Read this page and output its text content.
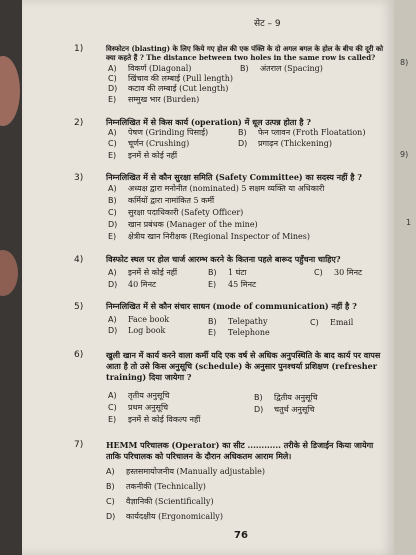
सेट – 9
1)	विस्फोटन (blasting) के लिए किये गए होल की एक पंक्ति के दो अगल बगल के होल के बीच की दूरी को क्या कहते हैं ? The distance between two holes in the same row is called?
A) विकर्ण (Diagonal)	B) अंतराल (Spacing)
C) खिंचाव की लम्बाई (Pull length)
D) कटाव की लम्बाई (Cut length)
E) सम्मुख भार (Burden)
2)	निम्नलिखित में से किस कार्य (operation) में धूल उत्पन्न होता है ?
A) पेषण (Grinding पिसाई)	B) फेन प्लावन (Froth Floatation)
C) चूर्णन (Crushing)	D) प्रगाढ़न (Thickening)
E) इनमें से कोई नहीं
3)	निम्नलिखित में से कौन सुरक्षा समिति (Safety Committee) का सदस्य नहीं है ?
A) अध्यक्ष द्वारा मनोनीत (nominated) 5 सक्षम व्यक्ति या अधिकारी
B) कर्मियों द्वारा नामांकित 5 कर्मी
C) सुरक्षा पदाधिकारी (Safety Officer)
D) खान प्रबंधक (Manager of the mine)
E) क्षेत्रीय खान निरीक्षक (Regional Inspector of Mines)
4)	विस्फोट स्थल पर होल चार्ज आरम्भ करने के कितना पहले बारूद पहुँचना चाहिए?
A) इनमें से कोई नहीं	B) 1 घंटा	C) 30 मिनट
D) 40 मिनट	E) 45 मिनट
5)	निम्नलिखित में से कौन संचार साधन (mode of communication) नहीं है ?
A) Face book	B) Telepathy	C) Email
D) Log book	E) Telephone
6)	खुली खान में कार्य करने वाला कर्मी यदि एक वर्ष से अधिक अनुपस्थिति के बाद कार्य पर वापस आता है तो उसे किस अनुसूचि (schedule) के अनुसार पुनश्चर्या प्रशिक्षण (refresher training) दिया जायेगा ?
A) तृतीय अनुसूचि	B) द्वितीय अनुसूचि
C) प्रथम अनुसूचि	D) चतुर्थ अनुसूचि
E) इनमें से कोई विकल्प नहीं
7)	HEMM परिचालक (Operator) का सीट ............ तरीके से डिजाईन किया जायेगा ताकि परिचालक को परिचालन के दौरान अधिकतम आराम मिले।
A) हस्तसमायोजनीय (Manually adjustable)
B) तकनीकी (Technically)
C) वैज्ञानिकी (Scientifically)
D) कार्यदक्षीय (Ergonomically)
76
8)
9)
1
